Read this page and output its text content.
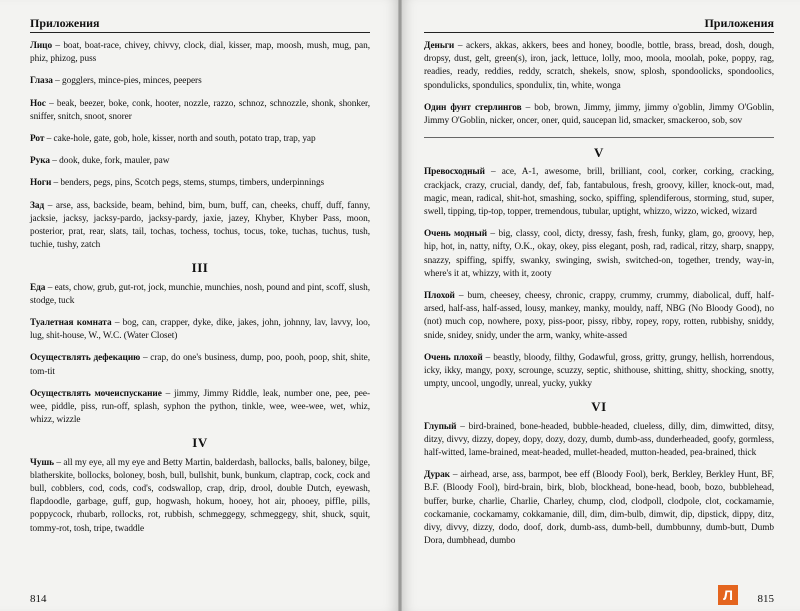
Приложения
Лицо – boat, boat-race, chivey, chivvy, clock, dial, kisser, map, moosh, mush, mug, pan, phiz, phizog, puss
Глаза – gogglers, mince-pies, minces, peepers
Нос – beak, beezer, boke, conk, hooter, nozzle, razzo, schnoz, schnozzle, shonk, shonker, sniffer, snitch, snoot, snorer
Рот – cake-hole, gate, gob, hole, kisser, north and south, potato trap, trap, yap
Рука – dook, duke, fork, mauler, paw
Ноги – benders, pegs, pins, Scotch pegs, stems, stumps, timbers, underpinnings
Зад – arse, ass, backside, beam, behind, bim, bum, buff, can, cheeks, chuff, duff, fanny, jacksie, jacksy, jacksy-pardo, jacksy-pardy, jaxie, jazey, Khyber, Khyber Pass, moon, posterior, prat, rear, slats, tail, tochas, tochess, tochus, tocus, toke, tuchas, tuchus, tush, tuchie, tushy, zatch
III
Еда – eats, chow, grub, gut-rot, jock, munchie, munchies, nosh, pound and pint, scoff, slush, stodge, tuck
Туалетная комната – bog, can, crapper, dyke, dike, jakes, john, johnny, lav, lavvy, loo, lug, shit-house, W., W.C. (Water Closet)
Осуществлять дефекацию – crap, do one's business, dump, poo, pooh, poop, shit, shite, tom-tit
Осуществлять мочеиспускание – jimmy, Jimmy Riddle, leak, number one, pee, pee-wee, piddle, piss, run-off, splash, syphon the python, tinkle, wee, wee-wee, wet, whiz, whizz, wizzle
IV
Чушь – all my eye, all my eye and Betty Martin, balderdash, ballocks, balls, baloney, bilge, blatherskite, bollocks, boloney, bosh, bull, bullshit, bunk, bunkum, claptrap, cock, cock and bull, cobblers, cod, cods, cod's, codswallop, crap, drip, drool, double Dutch, eyewash, flapdoodle, garbage, guff, gup, hogwash, hokum, hooey, hot air, phooey, piffle, pills, poppycock, rhubarb, rollocks, rot, rubbish, schmeggegy, schmeggegy, shit, shuck, squit, tommy-rot, tosh, tripe, twaddle
814
Приложения
Деньги – ackers, akkas, akkers, bees and honey, boodle, bottle, brass, bread, dosh, dough, dropsy, dust, gelt, green(s), iron, jack, lettuce, lolly, moo, moola, moolah, poke, poppy, rag, readies, ready, reddies, reddy, scratch, shekels, snow, splosh, spondoolicks, spondoolics, spondulicks, spondulics, spondulix, tin, white, wonga
Один фунт стерлингов – bob, brown, Jimmy, jimmy, jimmy o'goblin, Jimmy O'Goblin, Jimmy O'Goblin, nicker, oncer, oner, quid, saucepan lid, smacker, smackeroo, sob, sov
V
Превосходный – ace, A-1, awesome, brill, brilliant, cool, corker, corking, cracking, crackjack, crazy, crucial, dandy, def, fab, fantabulous, fresh, groovy, killer, knock-out, mad, magic, mean, radical, shit-hot, smashing, socko, spiffing, splendiferous, storming, stud, super, swell, tipping, tip-top, topper, tremendous, tubular, uptight, whizzo, wizzo, wicked, wizard
Очень модный – big, classy, cool, dicty, dressy, fash, fresh, funky, glam, go, groovy, hep, hip, hot, in, natty, nifty, O.K., okay, okey, piss elegant, posh, rad, radical, ritzy, sharp, snappy, snazzy, spiffing, spiffy, swanky, swinging, swish, switched-on, together, trendy, way-in, where's it at, whizzy, with it, zooty
Плохой – bum, cheesey, cheesy, chronic, crappy, crummy, crummy, diabolical, duff, half-arsed, half-ass, half-assed, lousy, mankey, manky, mouldy, naff, NBG (No Bloody Good), no (not) much cop, nowhere, poxy, piss-poor, pissy, ribby, ropey, ropy, rotten, rubbishy, sniddy, snide, snidey, snidy, under the arm, wanky, white-assed
Очень плохой – beastly, bloody, filthy, Godawful, gross, gritty, grungy, hellish, horrendous, icky, ikky, mangy, poxy, scrounge, scuzzy, septic, shithouse, shitting, shitty, shocking, snotty, umpty, uncool, ungodly, unreal, yucky, yukky
VI
Глупый – bird-brained, bone-headed, bubble-headed, clueless, dilly, dim, dimwitted, ditsy, ditzy, divvy, dizzy, dopey, dopy, dozy, dozy, dumb, dumb-ass, dunderheaded, goofy, gormless, half-witted, lame-brained, meat-headed, mullet-headed, mutton-headed, pea-brained, thick
Дурак – airhead, arse, ass, barmpot, bee eff (Bloody Fool), berk, Berkley, Berkley Hunt, BF, B.F. (Bloody Fool), bird-brain, birk, blob, blockhead, bone-head, boob, bozo, bubblehead, buffer, burke, charlie, Charlie, Charley, chump, clod, clodpoll, clodpole, clot, cockamamie, cockamanie, cockamamy, cokkamanie, dill, dim, dim-bulb, dimwit, dip, dipstick, dippy, ditz, divy, divvy, dizzy, dodo, doof, dork, dumb-ass, dumb-bell, dumbbunny, dumb-butt, Dumb Dora, dumbhead, dumbo
Л	815
